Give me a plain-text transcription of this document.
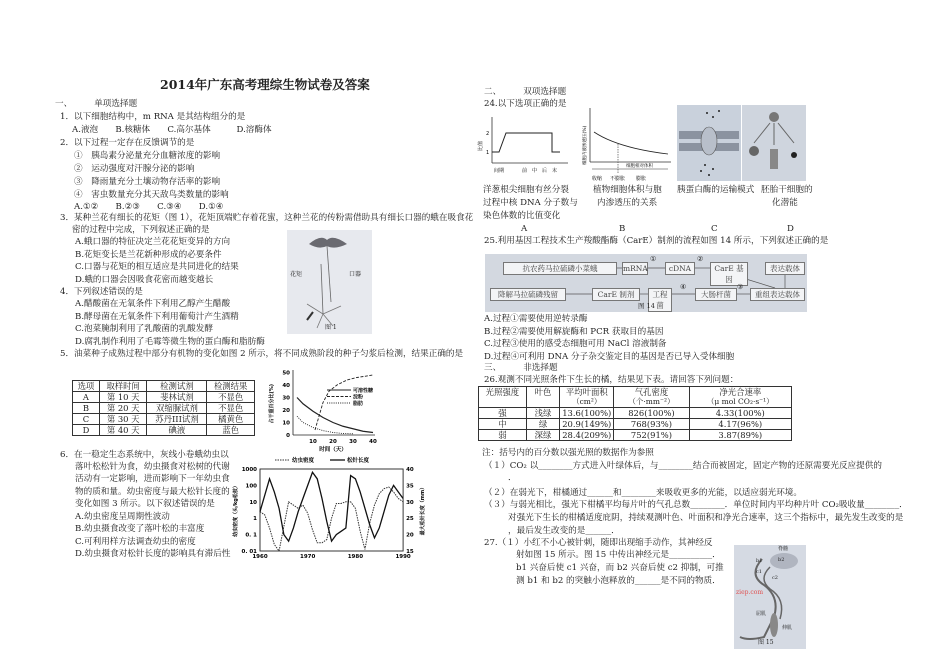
2014年广东高考理综生物试卷及答案
一、	单项选择题
1．以下细胞结构中，m RNA 是其结构组分的是
A.液泡　　B.核糖体　　C.高尔基体　　　D.溶酶体
2．以下过程一定存在反馈调节的是
①　胰岛素分泌量充分血糖浓度的影响
②　运动强度对汗腺分泌的影响
③　降雨量充分土壤动物存活率的影响
④　害虫数量充分其天敌鸟类数量的影响
A.①②　　B.②③　　C.③④　　D.①④
3．某种兰花有细长的花矩（图 1），花矩顶端贮存着花蜜，这种兰花的传粉需借助具有细长口器的蛾在吸食花
密的过程中完成，下列叙述正确的是
A.蛾口器的特征决定兰花花矩变异的方向
B.花矩变长是兰花新种形成的必要条件
C.口器与花矩的相互适应是共同进化的结果
D.蛾的口器会因吸食花密而越变越长
花矩	口器
图 1
4．下列叙述错误的是
A.醋酸菌在无氧条件下利用乙醇产生醋酸
B.酵母菌在无氧条件下利用葡萄汁产生酒精
C.泡菜腌制利用了乳酸菌的乳酸发酵
D.腐乳制作利用了毛霉等微生物的蛋白酶和脂肪酶
5．油菜种子成熟过程中部分有机物的变化如图 2 所示，将不同成熟阶段的种子匀浆后检测，结果正确的是
选项	取样时间	检测试剂	检测结果
A	第 10 天	斐林试剂	不显色
B	第 20 天	双缩脲试剂	不显色
C	第 30 天	苏丹III试剂	橘黄色
D	第 40 天	碘液	蓝色
0
10
20
30
40
50
10 20 30 40
时间（天）
占干重百分比(%)	可溶性糖
淀粉
脂肪
6．在一稳定生态系统中，灰线小卷蛾幼虫以
落叶松松针为食，幼虫摄食对松树的代谢
活动有一定影响，进而影响下一年幼虫食
物的质和量。幼虫密度与最大松针长度的
变化如图 3 所示。以下叙述错误的是
A.幼虫密度呈周期性波动
B.幼虫摄食改变了落叶松的丰富度
C.可利用样方法调查幼虫的密度
D.幼虫摄食对松针长度的影响具有滞后性
1000
100
10
1
0. 1
0. 01
40
35
30
25
20
15
1960	1970	1980	1990
幼虫密度（头/kg松枝）	最大松针长度（mm）
幼虫密度	松针长度
二、	双项选择题
24.以下选项正确的是
1
2
比值
间期	前 中 后 末
细胞内液渗透压(%)
细胞相对体积
收缩 不膨胀 膨胀
洋葱根尖细胞有丝分裂
过程中核 DNA 分子数与
染色体数的比值变化
植物细胞体积与胞
内渗透压的关系
胰蛋白酶的运输模式 胚胎干细胞的
化潜能
A	B	C	D
25.利用基因工程技术生产羧酸酯酶（CarE）制剂的流程如图 14 所示，下列叙述正确的是
抗农药马拉硫磷小菜蛾	mRNA	cDNA	CarE 基因
表达载体
降解马拉硫磷残留	CarE 制剂	工程菌
大肠杆菌	重组表达载体
①	②
③
④
图 14
A.过程①需要使用逆转录酶
B.过程②需要使用解旋酶和 PCR 获取目的基因
C.过程③使用的感受态细胞可用 NaCl 溶液制备
D.过程④可利用 DNA 分子杂交鉴定目的基因是否已导入受体细胞
三、	非选择题
26.观测不同光照条件下生长的橘，结果见下表。请回答下列问题：
光照强度	叶色	平均叶面积	气孔密度	净光合速率
		（cm²）	（个·mm⁻²）	（μ mol CO₂·s⁻¹）
强	浅绿	13.6(100%)	826(100%)	4.33(100%)
中	绿	20.9(149%)	768(93%)	4.17(96%)
弱	深绿	28.4(209%)	752(91%)	3.87(89%)
注：括号内的百分数以强光照的数据作为参照
（１）CO₂ 以________方式进入叶绿体后，与________结合而被固定，固定产物的还原需要光反应提供的
．
（２）在弱光下，柑橘通过______和________来吸收更多的光能，以适应弱光环境。
（３）与弱光相比，强光下柑橘平均每片叶的气孔总数________．单位时间内平均种片叶 CO₂吸收量________．
对强光下生长的柑橘适度庇阴，持续观测叶色、叶面积和净光合速率，这三个指标中，最先发生改变的是
，最后发生改变的是______．
27.（１）小红不小心被针刺，随即出现缩手动作，其神经反
射如图 15 所示。图 15 中传出神经元是__________．
b1 兴奋后使 c1 兴奋，而 b2 兴奋后使 c2 抑制，可推
测 b1 和 b2 的突触小泡释放的______是不同的物质．
脊髓
b1	b2
c1
c2
屈肌
伸肌
图 15
ziep.com
